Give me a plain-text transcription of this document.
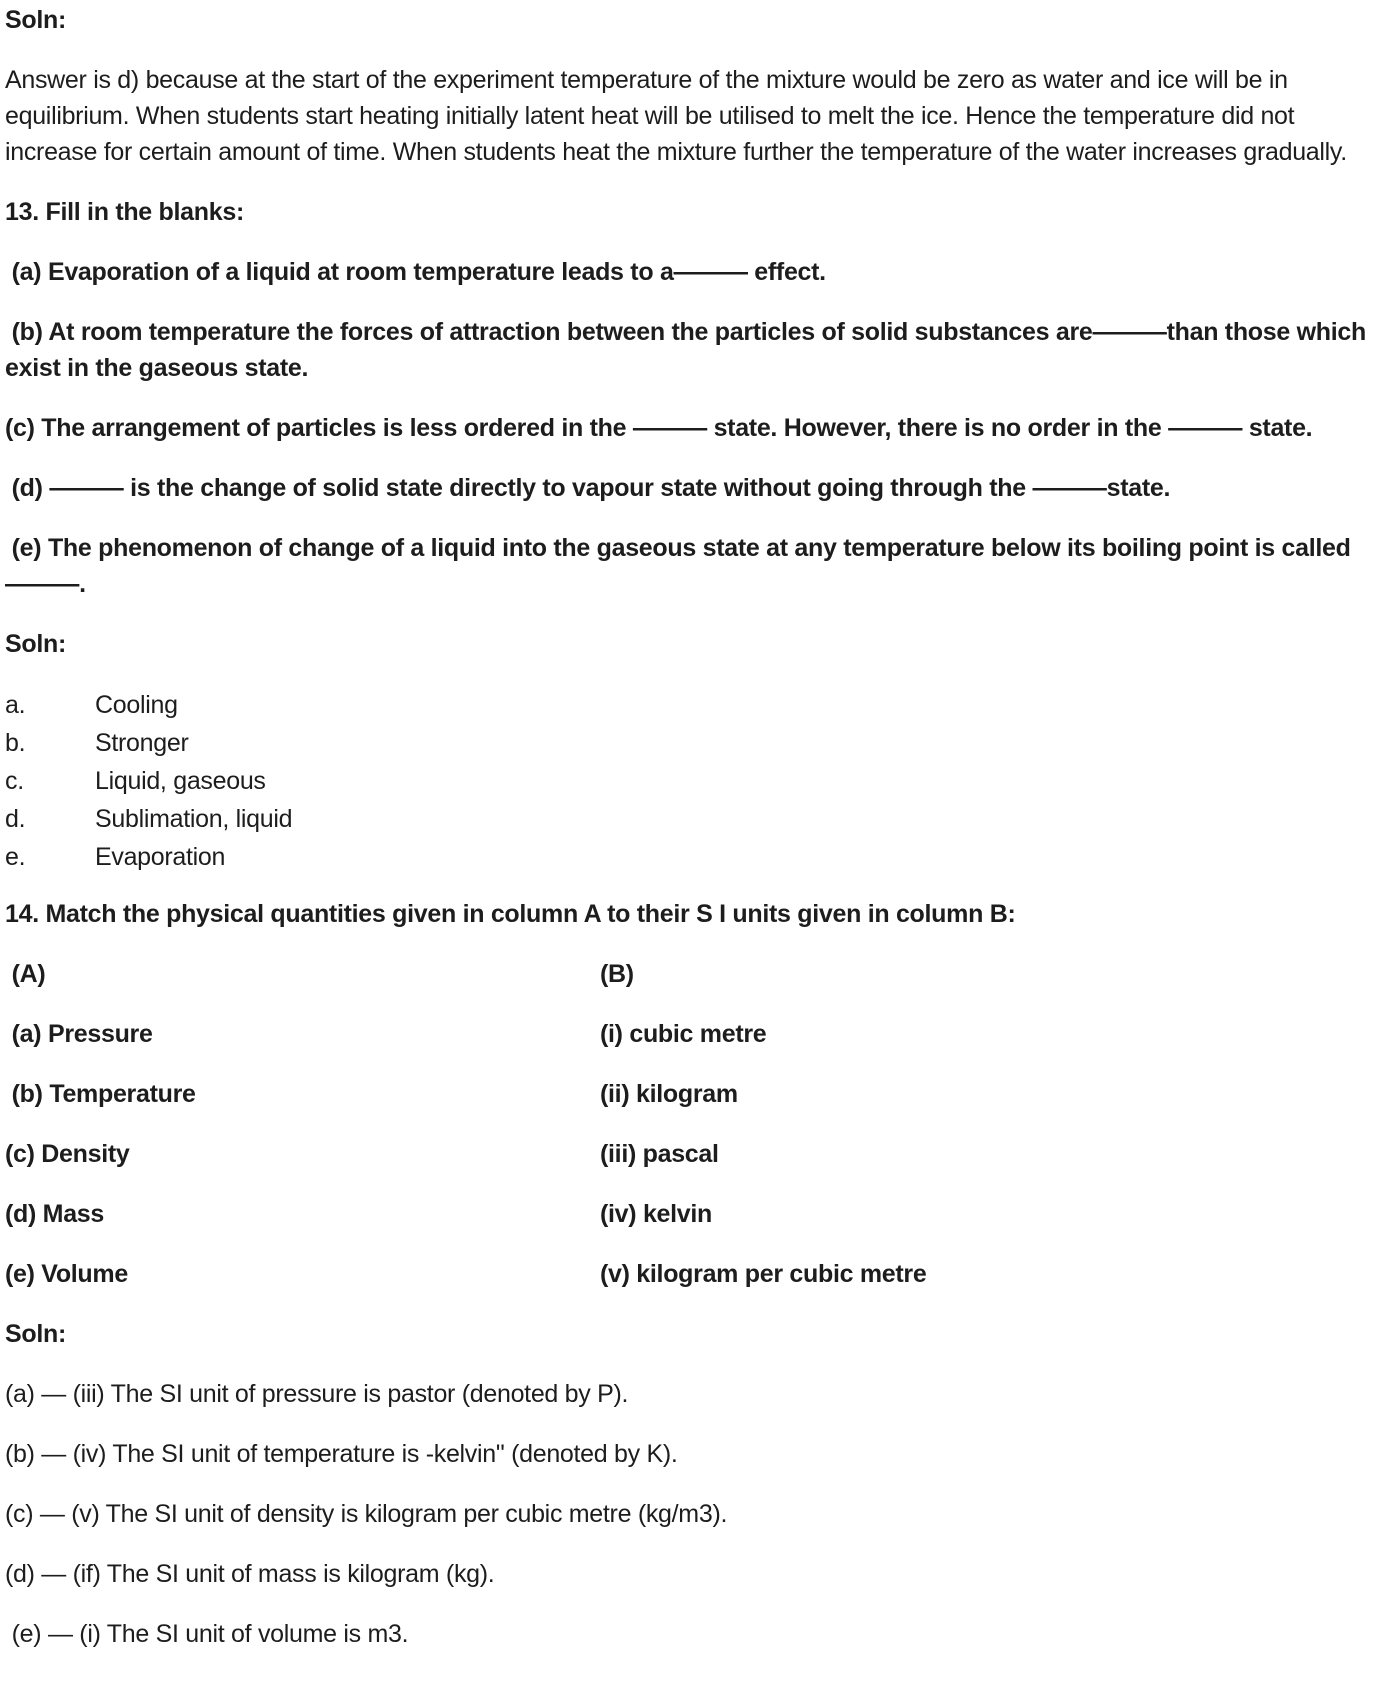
Soln:

Answer is d) because at the start of the experiment temperature of the mixture would be zero as water and ice will be in equilibrium. When students start heating initially latent heat will be utilised to melt the ice. Hence the temperature did not increase for certain amount of time. When students heat the mixture further the temperature of the water increases gradually.

13. Fill in the blanks:

(a) Evaporation of a liquid at room temperature leads to a——— effect.

(b) At room temperature the forces of attraction between the particles of solid substances are———than those which exist in the gaseous state.

(c) The arrangement of particles is less ordered in the ——— state. However, there is no order in the ——— state.

(d) ——— is the change of solid state directly to vapour state without going through the ———state.

(e) The phenomenon of change of a liquid into the gaseous state at any temperature below its boiling point is called———.

Soln:

a.	Cooling
b.	Stronger
c.	Liquid, gaseous
d.	Sublimation, liquid
e.	Evaporation

14. Match the physical quantities given in column A to their S I units given in column B:

(A)	(B)
(a) Pressure	(i) cubic metre
(b) Temperature	(ii) kilogram
(c) Density	(iii) pascal
(d) Mass	(iv) kelvin
(e) Volume	(v) kilogram per cubic metre

Soln:

(a) — (iii) The SI unit of pressure is pastor (denoted by P).

(b) — (iv) The SI unit of temperature is -kelvin" (denoted by K).

(c) — (v) The SI unit of density is kilogram per cubic metre (kg/m3).

(d) — (if) The SI unit of mass is kilogram (kg).

(e) — (i) The SI unit of volume is m3.
